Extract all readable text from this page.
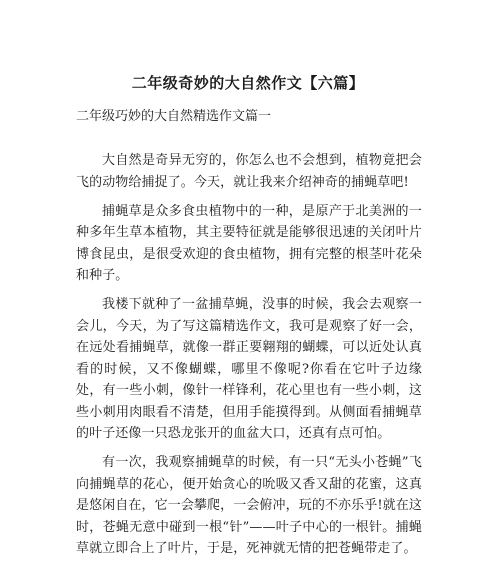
二年级奇妙的大自然作文【六篇】
二年级巧妙的大自然精选作文篇一

大自然是奇异无穷的，你怎么也不会想到，植物竟把会飞的动物给捕捉了。今天，就让我来介绍神奇的捕蝇草吧!

捕蝇草是众多食虫植物中的一种，是原产于北美洲的一种多年生草本植物，其主要特征就是能够很迅速的关闭叶片博食昆虫，是很受欢迎的食虫植物，拥有完整的根茎叶花朵和种子。

我楼下就种了一盆捕草蝇，没事的时候，我会去观察一会儿，今天，为了写这篇精选作文，我可是观察了好一会，在远处看捕蝇草，就像一群正要翱翔的蝴蝶，可以近处认真看的时候，又不像蝴蝶，哪里不像呢?你看在它叶子边缘处，有一些小刺，像针一样锋利，花心里也有一些小刺，这些小刺用肉眼看不清楚，但用手能摸得到。从侧面看捕蝇草的叶子还像一只恐龙张开的血盆大口，还真有点可怕。

有一次，我观察捕蝇草的时候，有一只“无头小苍蝇”飞向捕蝇草的花心，便开始贪心的吮吸又香又甜的花蜜，这真是悠闲自在，它一会攀爬，一会俯冲，玩的不亦乐乎!就在这时，苍蝇无意中碰到一根“针”——叶子中心的一根针。捕蝇草就立即合上了叶片，于是，死神就无情的把苍蝇带走了。
